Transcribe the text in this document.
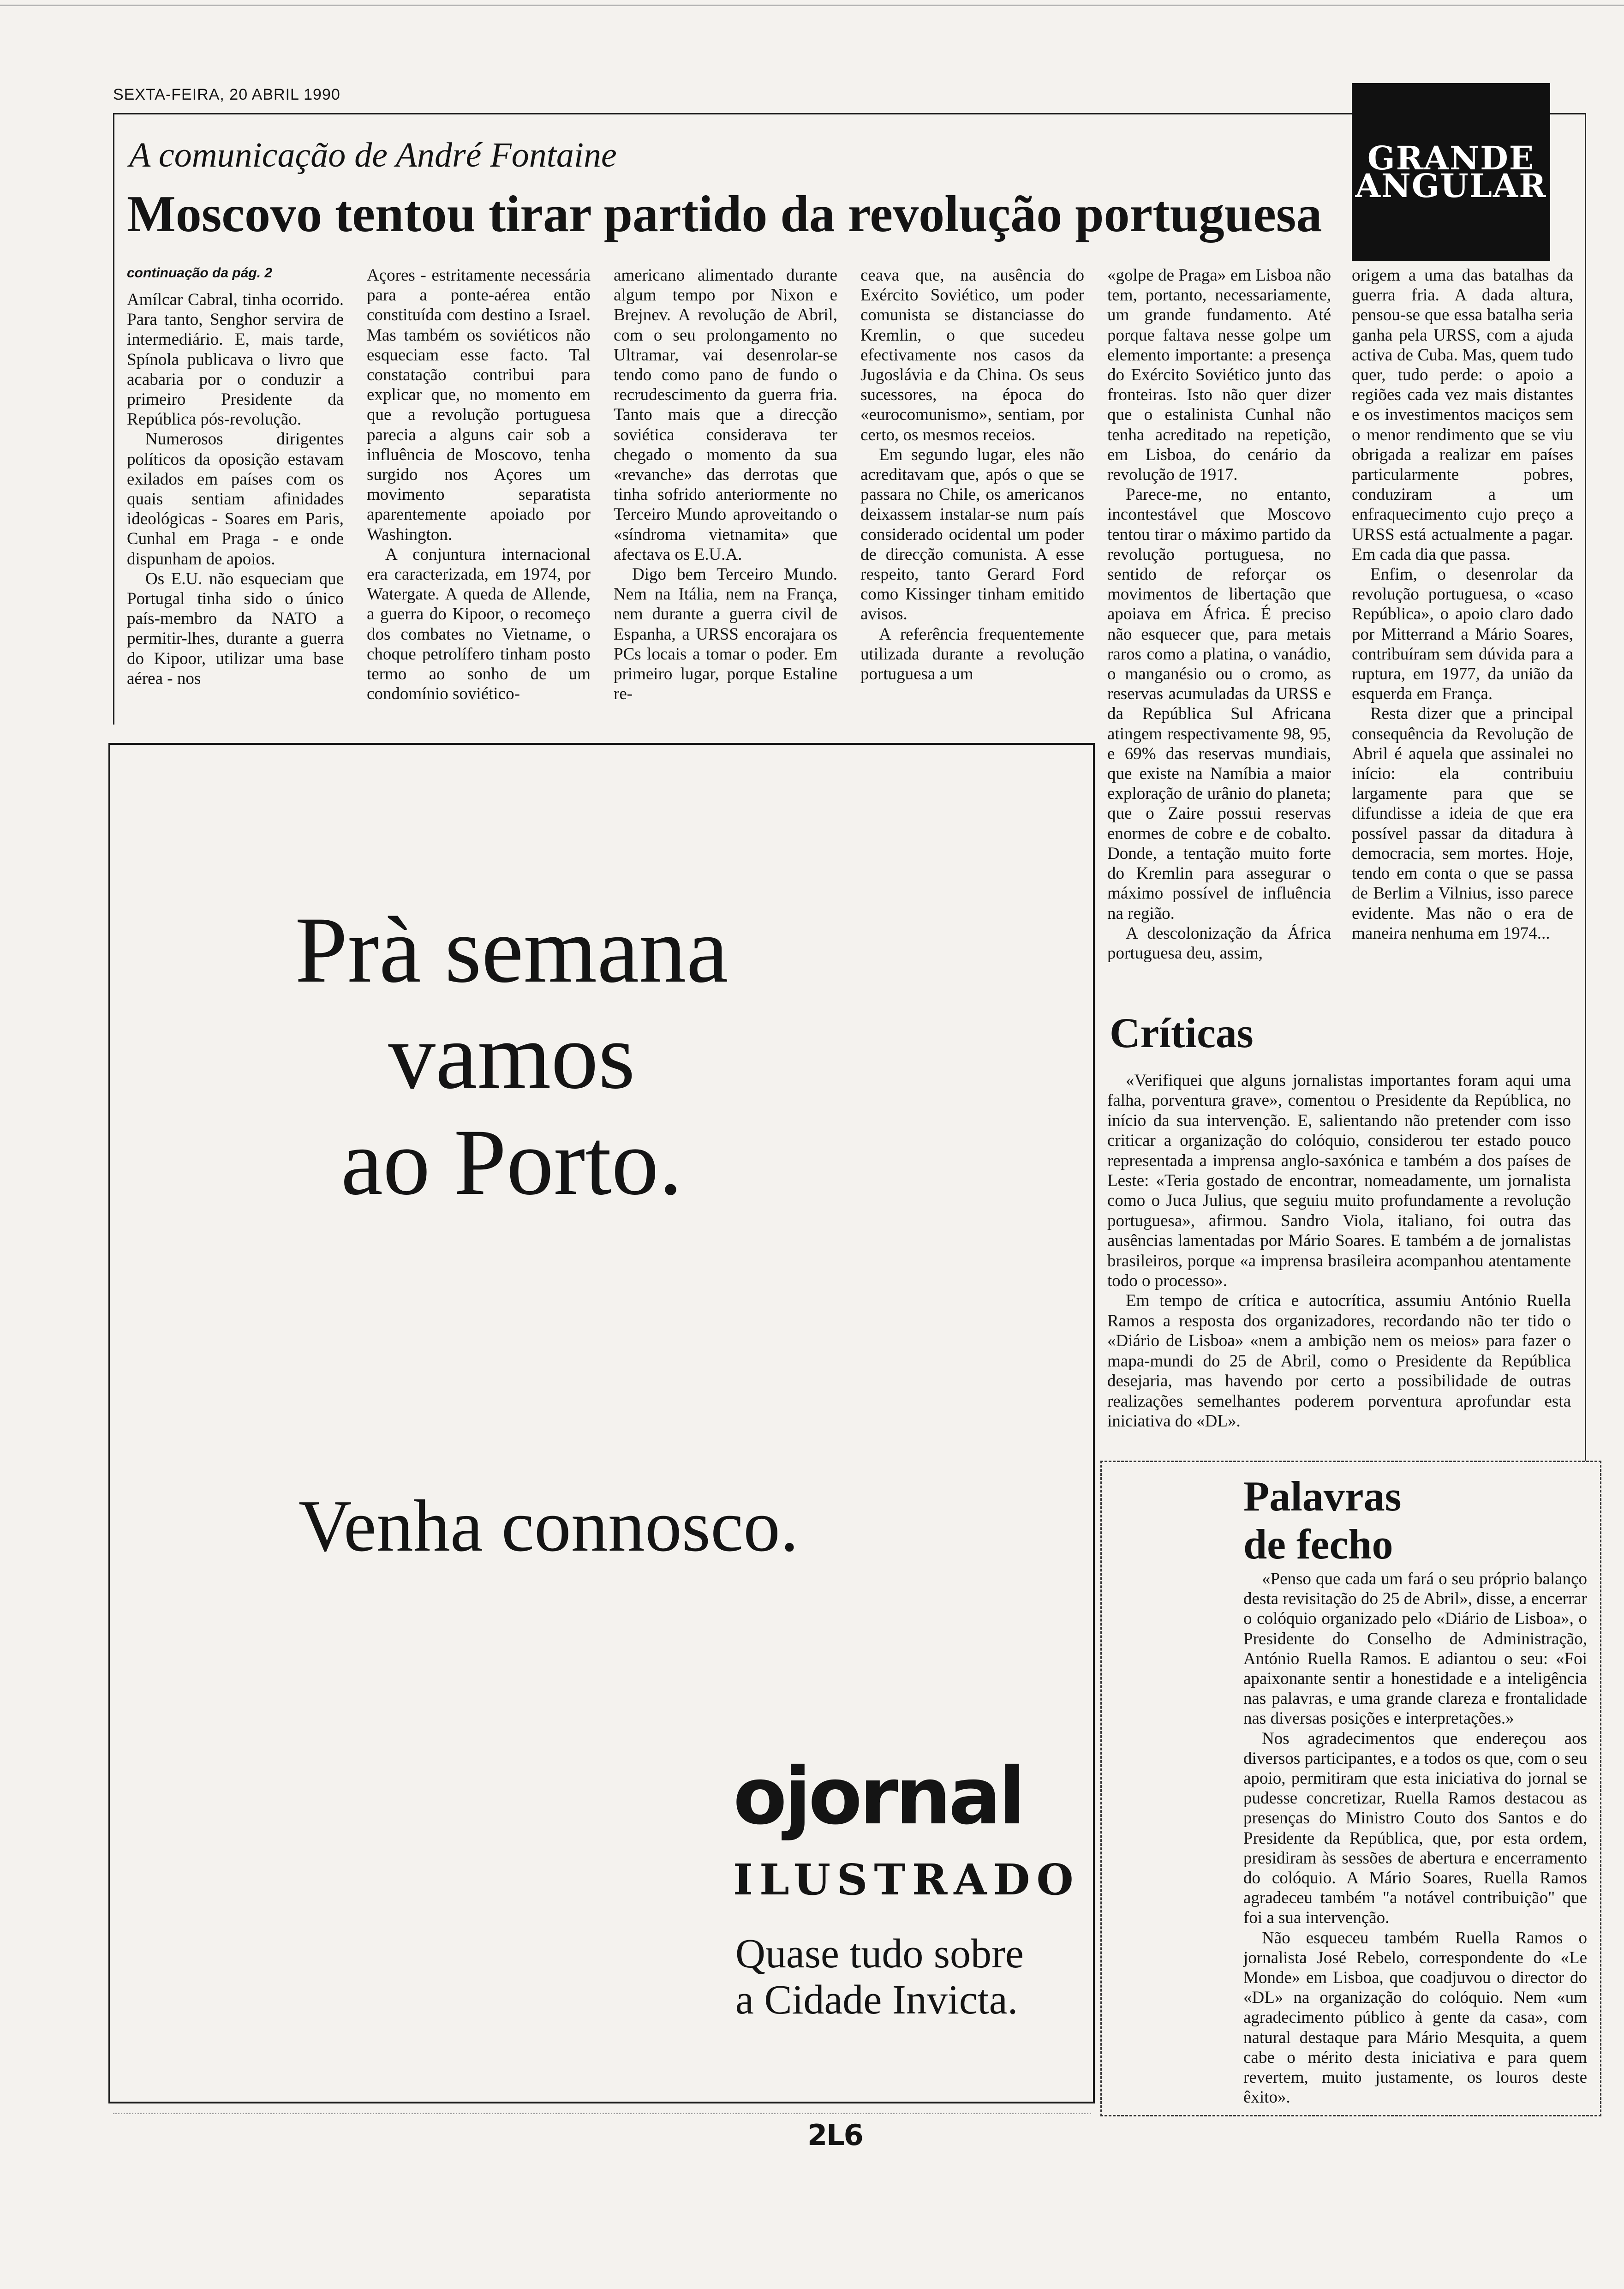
SEXTA-FEIRA, 20 ABRIL 1990
GRANDE
ANGULAR
A comunicação de André Fontaine
Moscovo tentou tirar partido da revolução portuguesa
continuação da pág. 2

Amílcar Cabral, tinha ocorrido. Para tanto, Senghor servira de intermediário. E, mais tarde, Spínola publicava o livro que acabaria por o conduzir a primeiro Presidente da República pós-revolução.

Numerosos dirigentes políticos da oposição estavam exilados em países com os quais sentiam afinidades ideológicas - Soares em Paris, Cunhal em Praga - e onde dispunham de apoios.

Os E.U. não esqueciam que Portugal tinha sido o único país-membro da NATO a permitir-lhes, durante a guerra do Kipoor, utilizar uma base aérea - nos

Açores - estritamente necessária para a ponte-aérea então constituída com destino a Israel. Mas também os soviéticos não esqueciam esse facto. Tal constatação contribui para explicar que, no momento em que a revolução portuguesa parecia a alguns cair sob a influência de Moscovo, tenha surgido nos Açores um movimento separatista aparentemente apoiado por Washington.

A conjuntura internacional era caracterizada, em 1974, por Watergate. A queda de Allende, a guerra do Kipoor, o recomeço dos combates no Vietname, o choque petrolífero tinham posto termo ao sonho de um condomínio soviético-

americano alimentado durante algum tempo por Nixon e Brejnev. A revolução de Abril, com o seu prolongamento no Ultramar, vai desenrolar-se tendo como pano de fundo o recrudescimento da guerra fria. Tanto mais que a direcção soviética considerava ter chegado o momento da sua «revanche» das derrotas que tinha sofrido anteriormente no Terceiro Mundo aproveitando o «síndroma vietnamita» que afectava os E.U.A.

Digo bem Terceiro Mundo. Nem na Itália, nem na França, nem durante a guerra civil de Espanha, a URSS encorajara os PCs locais a tomar o poder. Em primeiro lugar, porque Estaline re-

ceava que, na ausência do Exército Soviético, um poder comunista se distanciasse do Kremlin, o que sucedeu efectivamente nos casos da Jugoslávia e da China. Os seus sucessores, na época do «eurocomunismo», sentiam, por certo, os mesmos receios.

Em segundo lugar, eles não acreditavam que, após o que se passara no Chile, os americanos deixassem instalar-se num país considerado ocidental um poder de direcção comunista. A esse respeito, tanto Gerard Ford como Kissinger tinham emitido avisos.

A referência frequentemente utilizada durante a revolução portuguesa a um

«golpe de Praga» em Lisboa não tem, portanto, necessariamente, um grande fundamento. Até porque faltava nesse golpe um elemento importante: a presença do Exército Soviético junto das fronteiras. Isto não quer dizer que o estalinista Cunhal não tenha acreditado na repetição, em Lisboa, do cenário da revolução de 1917.

Parece-me, no entanto, incontestável que Moscovo tentou tirar o máximo partido da revolução portuguesa, no sentido de reforçar os movimentos de libertação que apoiava em África. É preciso não esquecer que, para metais raros como a platina, o vanádio, o manganésio ou o cromo, as reservas acumuladas da URSS e da República Sul Africana atingem respectivamente 98, 95, e 69% das reservas mundiais, que existe na Namíbia a maior exploração de urânio do planeta; que o Zaire possui reservas enormes de cobre e de cobalto. Donde, a tentação muito forte do Kremlin para assegurar o máximo possível de influência na região.

A descolonização da África portuguesa deu, assim,

origem a uma das batalhas da guerra fria. A dada altura, pensou-se que essa batalha seria ganha pela URSS, com a ajuda activa de Cuba. Mas, quem tudo quer, tudo perde: o apoio a regiões cada vez mais distantes e os investimentos maciços sem o menor rendimento que se viu obrigada a realizar em países particularmente pobres, conduziram a um enfraquecimento cujo preço a URSS está actualmente a pagar. Em cada dia que passa.

Enfim, o desenrolar da revolução portuguesa, o «caso República», o apoio claro dado por Mitterrand a Mário Soares, contribuíram sem dúvida para a ruptura, em 1977, da união da esquerda em França.

Resta dizer que a principal consequência da Revolução de Abril é aquela que assinalei no início: ela contribuiu largamente para que se difundisse a ideia de que era possível passar da ditadura à democracia, sem mortes. Hoje, tendo em conta o que se passa de Berlim a Vilnius, isso parece evidente. Mas não o era de maneira nenhuma em 1974...

Prà semana
vamos
ao Porto.
Venha connosco.
ojornal
ILUSTRADO
Quase tudo sobre
a Cidade Invicta.
Críticas

«Verifiquei que alguns jornalistas importantes foram aqui uma falha, porventura grave», comentou o Presidente da República, no início da sua intervenção. E, salientando não pretender com isso criticar a organização do colóquio, considerou ter estado pouco representada a imprensa anglo-saxónica e também a dos países de Leste: «Teria gostado de encontrar, nomeadamente, um jornalista como o Juca Julius, que seguiu muito profundamente a revolução portuguesa», afirmou. Sandro Viola, italiano, foi outra das ausências lamentadas por Mário Soares. E também a de jornalistas brasileiros, porque «a imprensa brasileira acompanhou atentamente todo o processo».

Em tempo de crítica e autocrítica, assumiu António Ruella Ramos a resposta dos organizadores, recordando não ter tido o «Diário de Lisboa» «nem a ambição nem os meios» para fazer o mapa-mundi do 25 de Abril, como o Presidente da República desejaria, mas havendo por certo a possibilidade de outras realizações semelhantes poderem porventura aprofundar esta iniciativa do «DL».

Palavras
de fecho

«Penso que cada um fará o seu próprio balanço desta revisitação do 25 de Abril», disse, a encerrar o colóquio organizado pelo «Diário de Lisboa», o Presidente do Conselho de Administração, António Ruella Ramos. E adiantou o seu: «Foi apaixonante sentir a honestidade e a inteligência nas palavras, e uma grande clareza e frontalidade nas diversas posições e interpretações.»

Nos agradecimentos que endereçou aos diversos participantes, e a todos os que, com o seu apoio, permitiram que esta iniciativa do jornal se pudesse concretizar, Ruella Ramos destacou as presenças do Ministro Couto dos Santos e do Presidente da República, que, por esta ordem, presidiram às sessões de abertura e encerramento do colóquio. A Mário Soares, Ruella Ramos agradeceu também "a notável contribuição" que foi a sua intervenção.

Não esqueceu também Ruella Ramos o jornalista José Rebelo, correspondente do «Le Monde» em Lisboa, que coadjuvou o director do «DL» na organização do colóquio. Nem «um agradecimento público à gente da casa», com natural destaque para Mário Mesquita, a quem cabe o mérito desta iniciativa e para quem revertem, muito justamente, os louros deste êxito».

2L6
